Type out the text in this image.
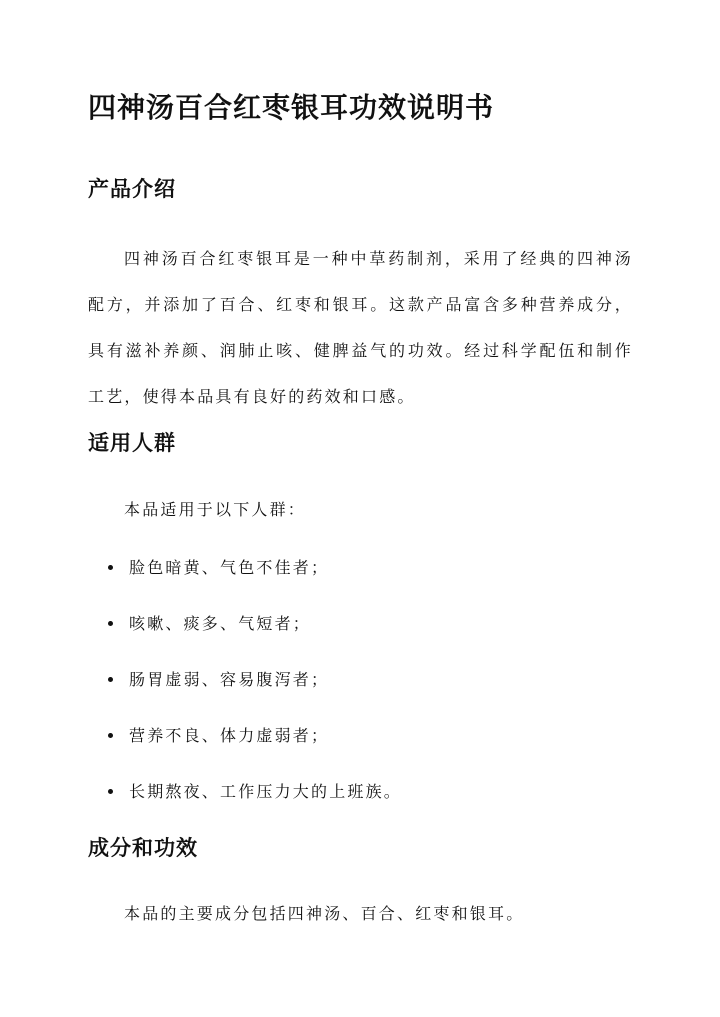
四神汤百合红枣银耳功效说明书
产品介绍

四神汤百合红枣银耳是一种中草药制剂，采用了经典的四神汤配方，并添加了百合、红枣和银耳。这款产品富含多种营养成分，具有滋补养颜、润肺止咳、健脾益气的功效。经过科学配伍和制作工艺，使得本品具有良好的药效和口感。

适用人群

本品适用于以下人群：

脸色暗黄、气色不佳者；
咳嗽、痰多、气短者；
肠胃虚弱、容易腹泻者；
营养不良、体力虚弱者；
长期熬夜、工作压力大的上班族。
成分和功效

本品的主要成分包括四神汤、百合、红枣和银耳。
